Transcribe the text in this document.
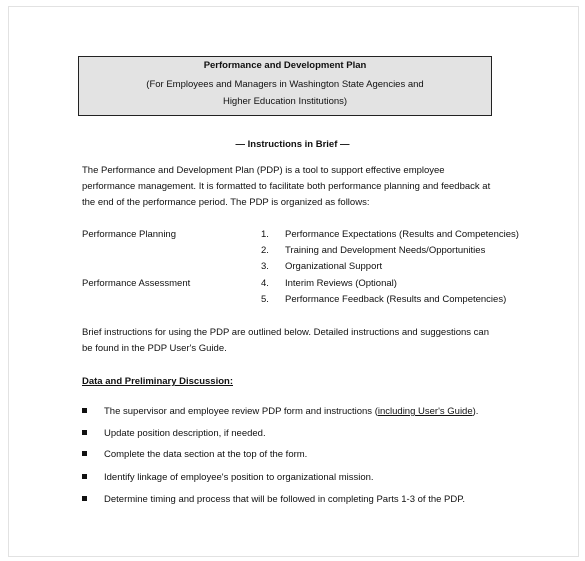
Performance and Development Plan
(For Employees and Managers in Washington State Agencies and
Higher Education Institutions)
— Instructions in Brief —
The Performance and Development Plan (PDP) is a tool to support effective employee
performance management. It is formatted to facilitate both performance planning and feedback at
the end of the performance period. The PDP is organized as follows:
Performance Planning
Performance Assessment
1. Performance Expectations (Results and Competencies)
2. Training and Development Needs/Opportunities
3. Organizational Support
4. Interim Reviews (Optional)
5. Performance Feedback (Results and Competencies)
Brief instructions for using the PDP are outlined below. Detailed instructions and suggestions can
be found in the PDP User's Guide.
Data and Preliminary Discussion:
The supervisor and employee review PDP form and instructions (including User's Guide).
Update position description, if needed.
Complete the data section at the top of the form.
Identify linkage of employee's position to organizational mission.
Determine timing and process that will be followed in completing Parts 1-3 of the PDP.
